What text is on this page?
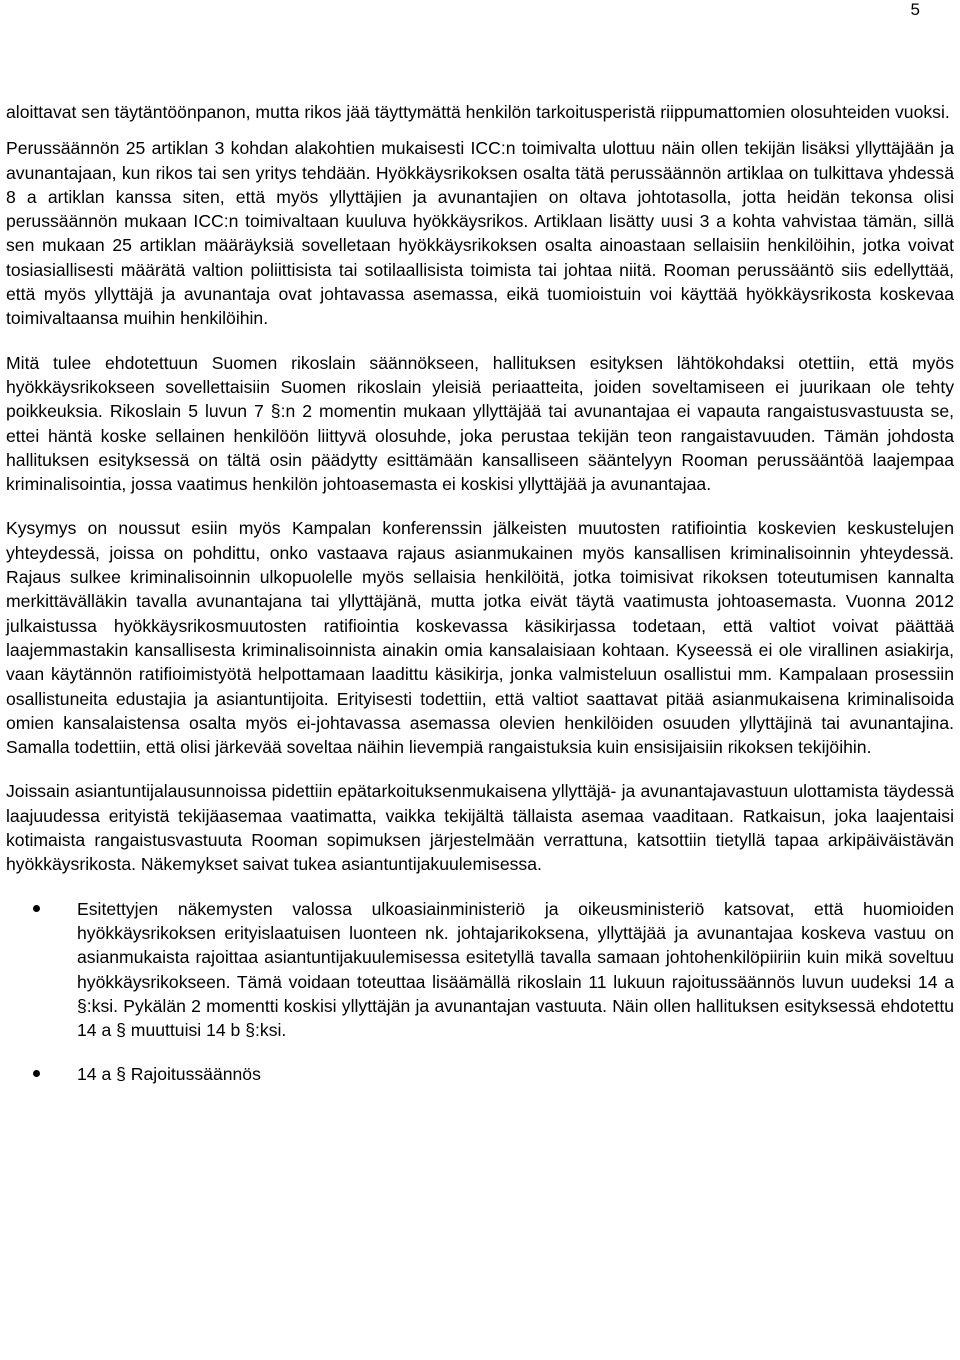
5

aloittavat sen täytäntöönpanon, mutta rikos jää täyttymättä henkilön tarkoitusperistä riippumattomien olosuhteiden vuoksi.

Perussäännön 25 artiklan 3 kohdan alakohtien mukaisesti ICC:n toimivalta ulottuu näin ollen tekijän lisäksi yllyttäjään ja avunantajaan, kun rikos tai sen yritys tehdään. Hyökkäysrikoksen osalta tätä perussäännön artiklaa on tulkittava yhdessä 8 a artiklan kanssa siten, että myös yllyttäjien ja avunantajien on oltava johtotasolla, jotta heidän tekonsa olisi perussäännön mukaan ICC:n toimivaltaan kuuluva hyökkäysrikos. Artiklaan lisätty uusi 3 a kohta vahvistaa tämän, sillä sen mukaan 25 artiklan määräyksiä sovelletaan hyökkäysrikoksen osalta ainoastaan sellaisiin henkilöihin, jotka voivat tosiasiallisesti määrätä valtion poliittisista tai sotilaallisista toimista tai johtaa niitä. Rooman perussääntö siis edellyttää, että myös yllyttäjä ja avunantaja ovat johtavassa asemassa, eikä tuomioistuin voi käyttää hyökkäysrikosta koskevaa toimivaltaansa muihin henkilöihin.

Mitä tulee ehdotettuun Suomen rikoslain säännökseen, hallituksen esityksen lähtökohdaksi otettiin, että myös hyökkäysrikokseen sovellettaisiin Suomen rikoslain yleisiä periaatteita, joiden soveltamiseen ei juurikaan ole tehty poikkeuksia. Rikoslain 5 luvun 7 §:n 2 momentin mukaan yllyttäjää tai avunantajaa ei vapauta rangaistusvastuusta se, ettei häntä koske sellainen henkilöön liittyvä olosuhde, joka perustaa tekijän teon rangaistavuuden. Tämän johdosta hallituksen esityksessä on tältä osin päädytty esittämään kansalliseen sääntelyyn Rooman perussääntöä laajempaa kriminalisointia, jossa vaatimus henkilön johtoasemasta ei koskisi yllyttäjää ja avunantajaa.

Kysymys on noussut esiin myös Kampalan konferenssin jälkeisten muutosten ratifiointia koskevien keskustelujen yhteydessä, joissa on pohdittu, onko vastaava rajaus asianmukainen myös kansallisen kriminalisoinnin yhteydessä. Rajaus sulkee kriminalisoinnin ulkopuolelle myös sellaisia henkilöitä, jotka toimisivat rikoksen toteutumisen kannalta merkittävälläkin tavalla avunantajana tai yllyttäjänä, mutta jotka eivät täytä vaatimusta johtoasemasta. Vuonna 2012 julkaistussa hyökkäysrikosmuutosten ratifiointia koskevassa käsikirjassa todetaan, että valtiot voivat päättää laajemmastakin kansallisesta kriminalisoinnista ainakin omia kansalaisiaan kohtaan. Kyseessä ei ole virallinen asiakirja, vaan käytännön ratifioimistyötä helpottamaan laadittu käsikirja, jonka valmisteluun osallistui mm. Kampalaan prosessiin osallistuneita edustajia ja asiantuntijoita. Erityisesti todettiin, että valtiot saattavat pitää asianmukaisena kriminalisoida omien kansalaistensa osalta myös ei-johtavassa asemassa olevien henkilöiden osuuden yllyttäjinä tai avunantajina. Samalla todettiin, että olisi järkevää soveltaa näihin lievempiä rangaistuksia kuin ensisijaisiin rikoksen tekijöihin.

Joissain asiantuntijalausunnoissa pidettiin epätarkoituksenmukaisena yllyttäjä- ja avunantajavastuun ulottamista täydessä laajuudessa erityistä tekijäasemaa vaatimatta, vaikka tekijältä tällaista asemaa vaaditaan. Ratkaisun, joka laajentaisi kotimaista rangaistusvastuuta Rooman sopimuksen järjestelmään verrattuna, katsottiin tietyllä tapaa arkipäiväistävän hyökkäysrikosta. Näkemykset saivat tukea asiantuntijakuulemisessa.

Esitettyjen näkemysten valossa ulkoasiainministeriö ja oikeusministeriö katsovat, että huomioiden hyökkäysrikoksen erityislaatuisen luonteen nk. johtajarikoksena, yllyttäjää ja avunantajaa koskeva vastuu on asianmukaista rajoittaa asiantuntijakuulemisessa esitetyllä tavalla samaan johtohenkilöpiiriin kuin mikä soveltuu hyökkäysrikokseen. Tämä voidaan toteuttaa lisäämällä rikoslain 11 lukuun rajoitussäännös luvun uudeksi 14 a §:ksi. Pykälän 2 momentti koskisi yllyttäjän ja avunantajan vastuuta. Näin ollen hallituksen esityksessä ehdotettu 14 a § muuttuisi 14 b §:ksi.
14 a § Rajoitussäännös
